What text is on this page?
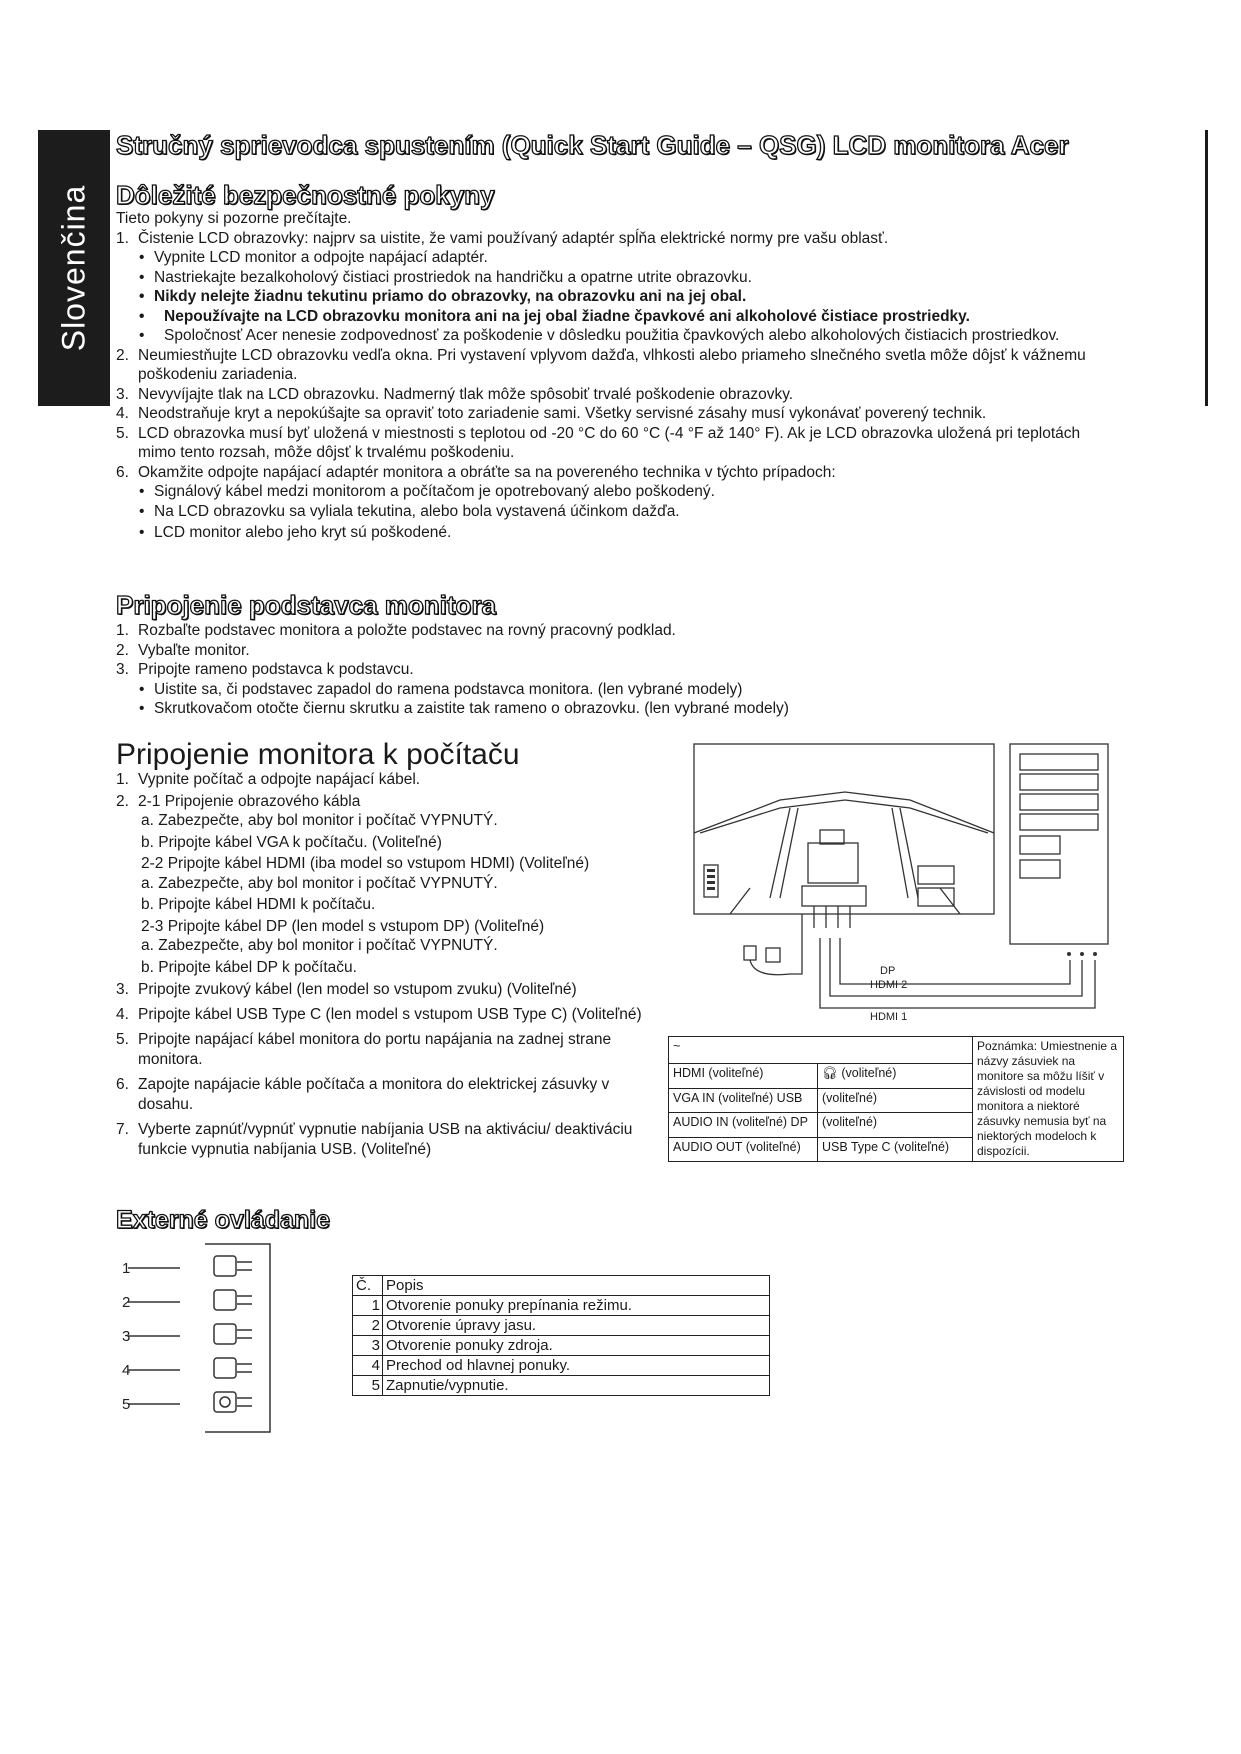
Slovenčina
Stručný sprievodca spustením (Quick Start Guide – QSG) LCD monitora Acer
Dôležité bezpečnostné pokyny
Tieto pokyny si pozorne prečítajte.
1. Čistenie LCD obrazovky: najprv sa uistite, že vami používaný adaptér spĺňa elektrické normy pre vašu oblasť.
• Vypnite LCD monitor a odpojte napájací adaptér.
• Nastriekajte bezalkoholový čistiaci prostriedok na handričku a opatrne utrite obrazovku.
• Nikdy nelejte žiadnu tekutinu priamo do obrazovky, na obrazovku ani na jej obal.
• Nepoužívajte na LCD obrazovku monitora ani na jej obal žiadne čpavkové ani alkoholové čistiace prostriedky.
• Spoločnosť Acer nenesie zodpovednosť za poškodenie v dôsledku použitia čpavkových alebo alkoholových čistiacich prostriedkov.
2. Neumiestňujte LCD obrazovku vedľa okna. Pri vystavení vplyvom dažďa, vlhkosti alebo priameho slnečného svetla môže dôjsť k vážnemu poškodeniu zariadenia.
3. Nevyvíjajte tlak na LCD obrazovku. Nadmerný tlak môže spôsobiť trvalé poškodenie obrazovky.
4. Neodstraňuje kryt a nepokúšajte sa opraviť toto zariadenie sami. Všetky servisné zásahy musí vykonávať poverený technik.
5. LCD obrazovka musí byť uložená v miestnosti s teplotou od -20 °C do 60 °C (-4 °F až 140° F). Ak je LCD obrazovka uložená pri teplotách mimo tento rozsah, môže dôjsť k trvalému poškodeniu.
6. Okamžite odpojte napájací adaptér monitora a obráťte sa na povereného technika v týchto prípadoch:
• Signálový kábel medzi monitorom a počítačom je opotrebovaný alebo poškodený.
• Na LCD obrazovku sa vyliala tekutina, alebo bola vystavená účinkom dažďa.
• LCD monitor alebo jeho kryt sú poškodené.
Pripojenie podstavca monitora
1. Rozbaľte podstavec monitora a položte podstavec na rovný pracovný podklad.
2. Vybaľte monitor.
3. Pripojte rameno podstavca k podstavcu.
• Uistite sa, či podstavec zapadol do ramena podstavca monitora. (len vybrané modely)
• Skrutkovačom otočte čiernu skrutku a zaistite tak rameno o obrazovku. (len vybrané modely)
Pripojenie monitora k počítaču
1. Vypnite počítač a odpojte napájací kábel.
2. 2-1 Pripojenie obrazového kábla
a. Zabezpečte, aby bol monitor i počítač VYPNUTÝ.
b. Pripojte kábel VGA k počítaču. (Voliteľné)
2-2 Pripojte kábel HDMI (iba model so vstupom HDMI) (Voliteľné)
a. Zabezpečte, aby bol monitor i počítač VYPNUTÝ.
b. Pripojte kábel HDMI k počítaču.
2-3 Pripojte kábel DP (len model s vstupom DP) (Voliteľné)
a. Zabezpečte, aby bol monitor i počítač VYPNUTÝ.
b. Pripojte kábel DP k počítaču.
3. Pripojte zvukový kábel (len model so vstupom zvuku) (Voliteľné)
4. Pripojte kábel USB Type C (len model s vstupom USB Type C) (Voliteľné)
5. Pripojte napájací kábel monitora do portu napájania na zadnej strane monitora.
6. Zapojte napájacie káble počítača a monitora do elektrickej zásuvky v dosahu.
7. Vyberte zapnúť/vypnúť vypnutie nabíjania USB na aktiváciu/ deaktiváciu funkcie vypnutia nabíjania USB. (Voliteľné)
DP
HDMI 2
HDMI 1
~		Poznámka: Umiestnenie a názvy zásuviek na monitore sa môžu líšiť v závislosti od modelu monitora a niektoré zásuvky nemusia byť na niektorých modeloch k dispozícii.
HDMI (voliteľné)	🎧︎ (voliteľné)	
VGA IN (voliteľné) USB	(voliteľné)	
AUDIO IN (voliteľné) DP	(voliteľné)	
AUDIO OUT (voliteľné)	USB Type C (voliteľné)	
Externé ovládanie
1
2
3
4
5
Č.	Popis
1	Otvorenie ponuky prepínania režimu.
2	Otvorenie úpravy jasu.
3	Otvorenie ponuky zdroja.
4	Prechod od hlavnej ponuky.
5	Zapnutie/vypnutie.
